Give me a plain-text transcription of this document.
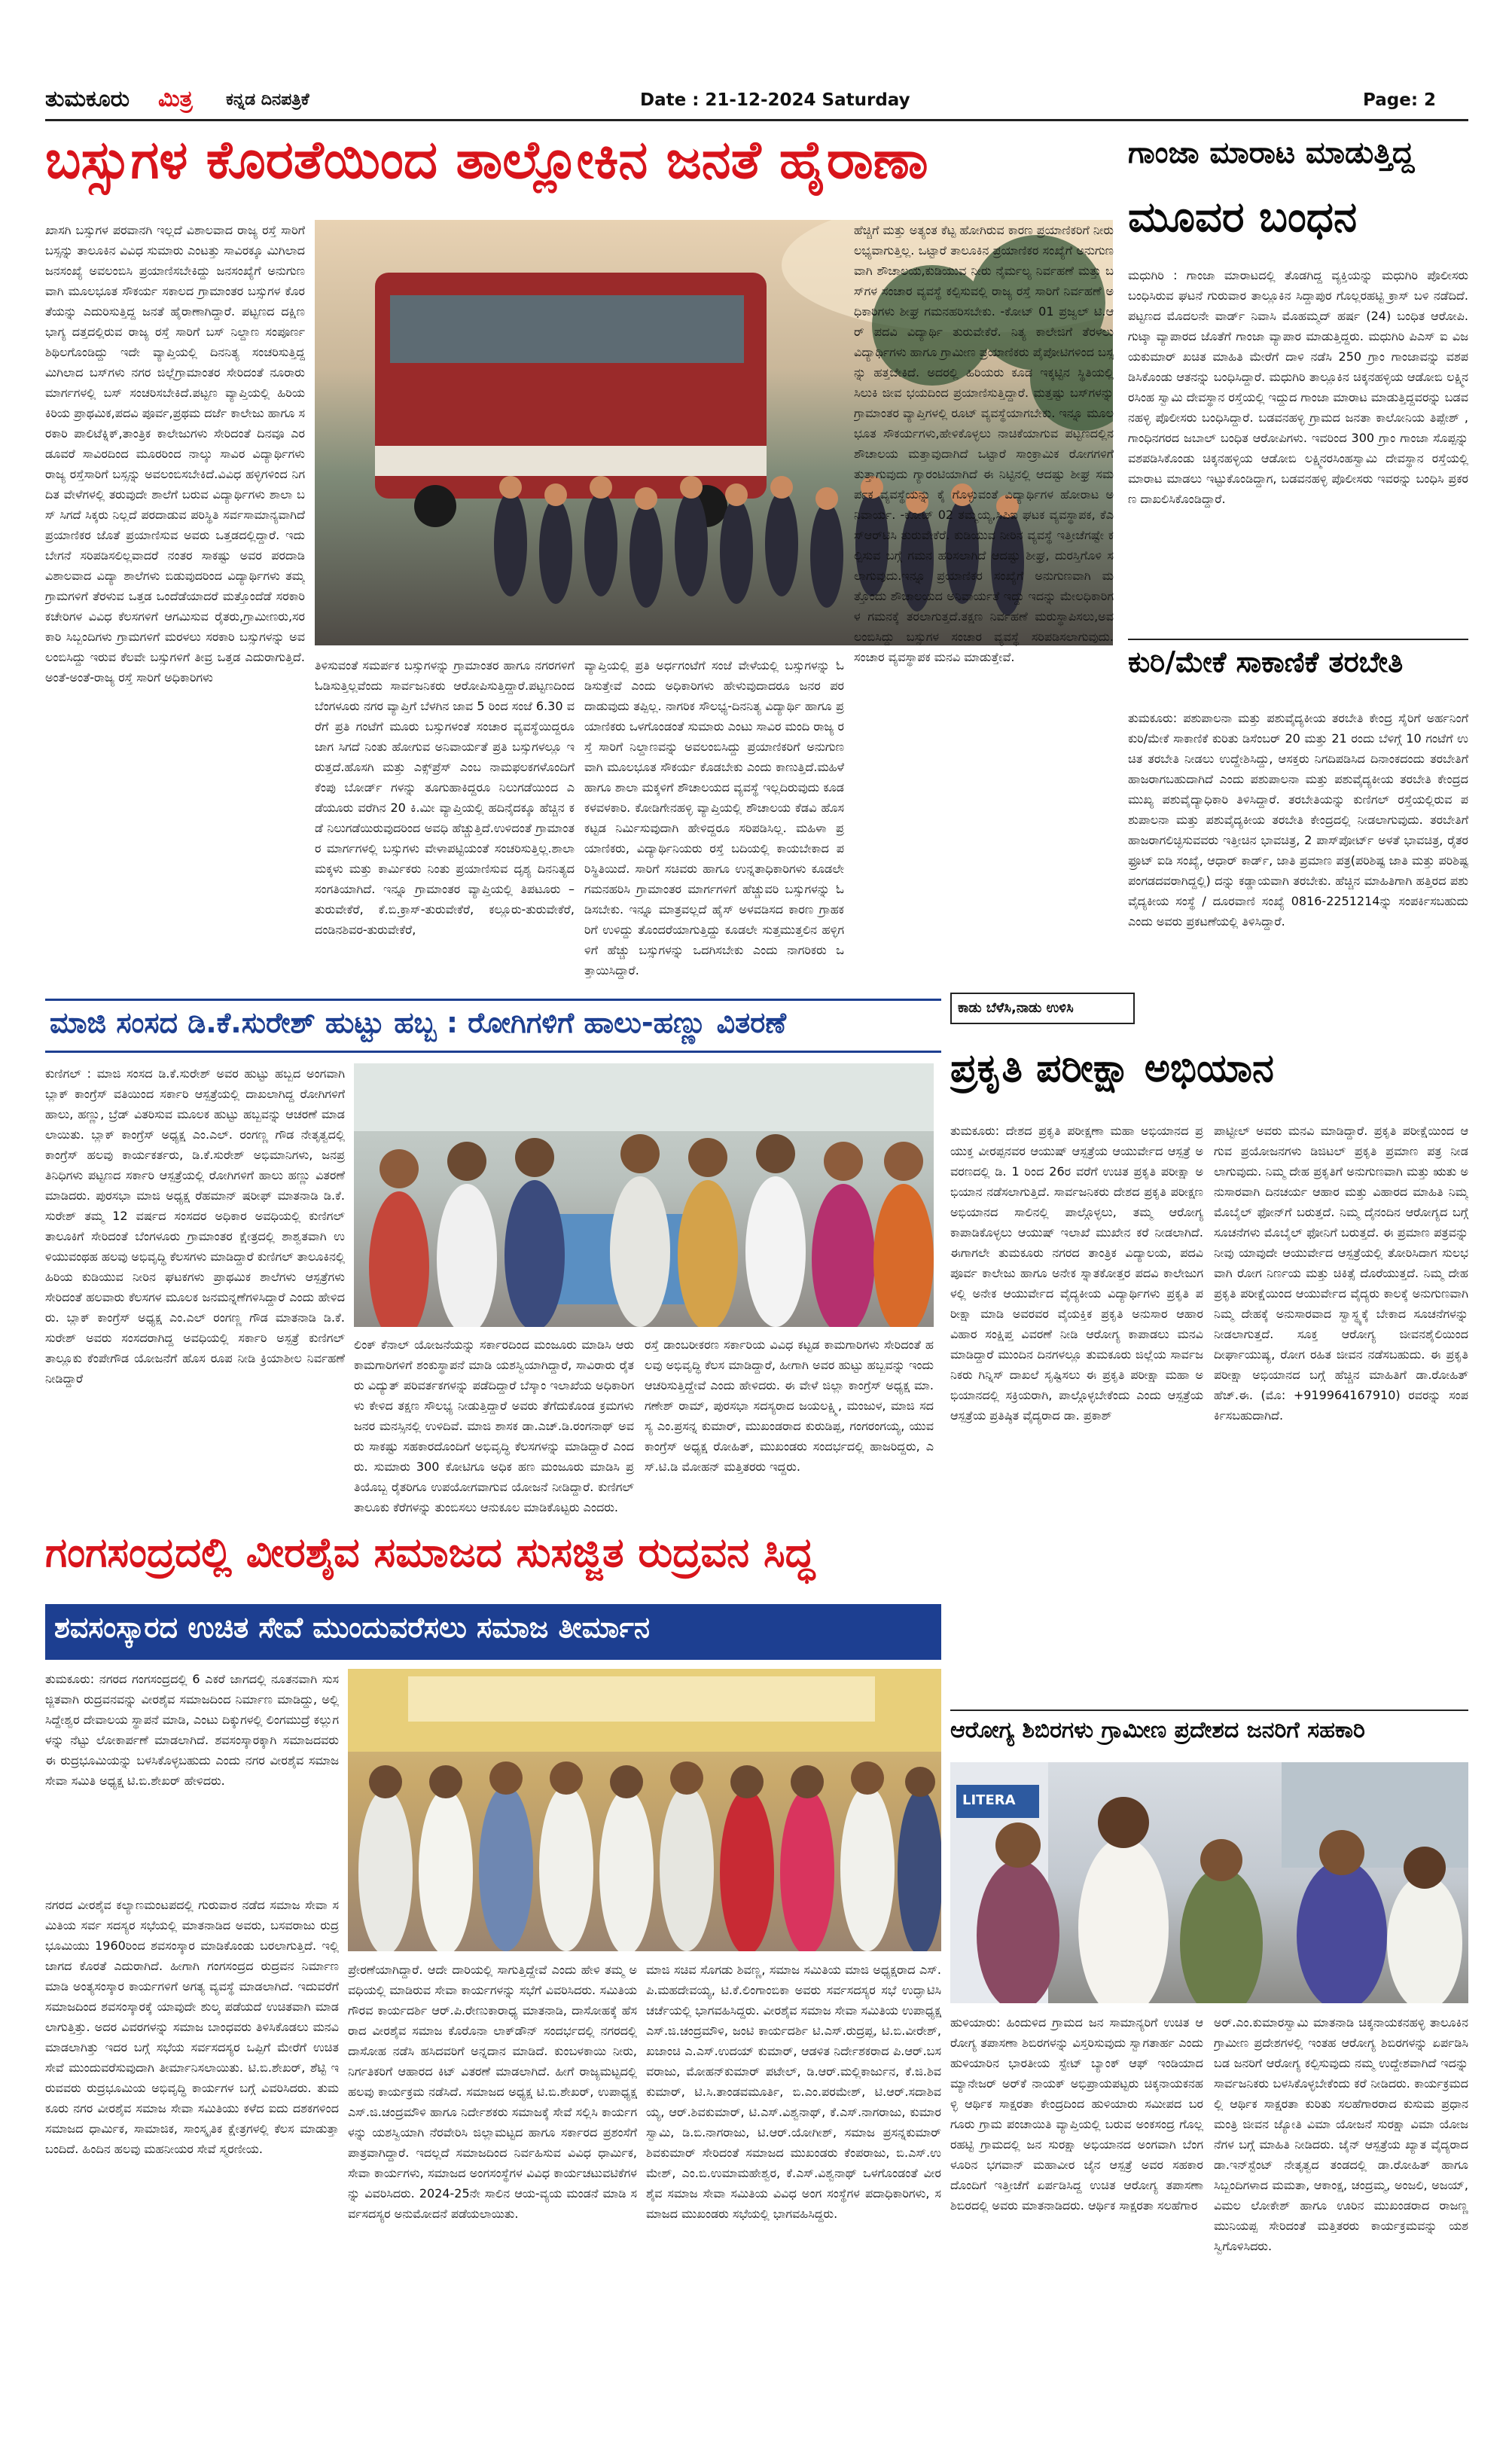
ತುಮಕೂರು ಮಿತ್ರ ಕನ್ನಡ ದಿನಪತ್ರಿಕೆ	Date : 21-12-2024 Saturday	Page: 2
ಬಸ್ಸುಗಳ ಕೊರತೆಯಿಂದ ತಾಲ್ಲೋಕಿನ ಜನತೆ ಹೈರಾಣಾ
ಖಾಸಗಿ ಬಸ್ಸುಗಳ ಪರವಾನಗಿ ಇಲ್ಲದೆ ವಿಶಾಲವಾದ ರಾಜ್ಯ ರಸ್ತೆ ಸಾರಿಗೆ ಬಸ್ಸನ್ನು ತಾಲೂಕಿನ ವಿವಿಧ ಸುಮಾರು ಎಂಟತ್ತು ಸಾವಿರಕ್ಕೂ ಮಿಗಿಲಾದ ಜನಸಂಖ್ಯೆ ಅವಲಂಬಿಸಿ ಪ್ರಯಾಣಿಸಬೇಕಿದ್ದು ಜನಸಂಖ್ಯೆಗೆ ಅನುಗುಣವಾಗಿ ಮೂಲಭೂತ ಸೌಕರ್ಯ ಸಕಾಲದ ಗ್ರಾಮಾಂತರ ಬಸ್ಸುಗಳ ಕೊರತೆಯನ್ನು ಎದುರಿಸುತ್ತಿದ್ದ ಜನತೆ ಹೈರಾಣಾಗಿದ್ದಾರೆ. ಪಟ್ಟಣದ ದಕ್ಷಿಣಭಾಗ್ಯ ದತ್ತದಲ್ಲಿರುವ ರಾಜ್ಯ ರಸ್ತೆ ಸಾರಿಗೆ ಬಸ್ ನಿಲ್ದಾಣ ಸಂಪೂರ್ಣ ಶಿಥಿಲಗೊಂಡಿದ್ದು ಇದೇ ವ್ಯಾಪ್ತಿಯಲ್ಲಿ ದಿನನಿತ್ಯ ಸಂಚರಿಸುತ್ತಿದ್ದ ಮಿಗಿಲಾದ ಬಸ್‌ಗಳು ನಗರ ಜಿಲ್ಲೆಗ್ರಾಮಾಂತರ ಸೇರಿದಂತೆ ನೂರಾರು ಮಾರ್ಗಗಳಲ್ಲಿ ಬಸ್ ಸಂಚರಿಸಬೇಕಿದೆ.ಪಟ್ಟಣ ವ್ಯಾಪ್ತಿಯಲ್ಲಿ ಹಿರಿಯ ಕಿರಿಯ ಪ್ರಾಥಮಿಕ,ಪದವಿ ಪೂರ್ವ,ಪ್ರಥಮ ದರ್ಜೆ ಕಾಲೇಜು ಹಾಗೂ ಸರಕಾರಿ ಪಾಲಿಟೆಕ್ನಿಕ್,ತಾಂತ್ರಿಕ ಕಾಲೇಜುಗಳು ಸೇರಿದಂತೆ ದಿನವೂ ಎರಡೂವರೆ ಸಾವಿರದಿಂದ ಮೂರರಿಂದ ನಾಲ್ಕು ಸಾವಿರ ವಿದ್ಯಾರ್ಥಿಗಳು ರಾಜ್ಯ ರಸ್ತೆಸಾರಿಗೆ ಬಸ್ಸನ್ನು ಅವಲಂಬಿಸಬೇಕಿದೆ.ವಿವಿಧ ಹಳ್ಳಿಗಳಿಂದ ನಿಗದಿತ ವೇಳೆಗಳಲ್ಲಿ ತರುವುದೇ ಶಾಲೆಗೆ ಬರುವ ವಿದ್ಯಾರ್ಥಿಗಳು ಶಾಲಾ ಬಸ್ ಸಿಗದೆ ಸಿಕ್ಕರು ನಿಲ್ಲದೆ ಪರದಾಡುವ ಪರಿಸ್ಥಿತಿ ಸರ್ವಸಾಮಾನ್ಯವಾಗಿದೆ ಪ್ರಯಾಣಿಕರ ಜೊತೆ ಪ್ರಯಾಣಿಸುವ ಅವರು ಒತ್ತಡದಲ್ಲಿದ್ದಾರೆ. ಇದು ಬೇಗನೆ ಸರಿಪಡಿಸಲಿಲ್ಲವಾದರೆ ನಂತರ ಸಾಕಷ್ಟು ಅವರ ಪರದಾಡಿ ವಿಶಾಲವಾದ ವಿದ್ಯಾ ಶಾಲೆಗಳು ಬಿಡುವುದರಿಂದ ವಿದ್ಯಾರ್ಥಿಗಳು ತಮ್ಮ ಗ್ರಾಮಗಳಿಗೆ ತೆರಳುವ ಒತ್ತಡ ಒಂದೆಡೆಯಾದರೆ ಮತ್ತೊಂದೆಡೆ ಸರಕಾರಿ ಕಚೇರಿಗಳ ವಿವಿಧ ಕೆಲಸಗಳಿಗೆ ಆಗಮಿಸುವ ರೈತರು,ಗ್ರಾಮೀಣರು,ಸರಕಾರಿ ಸಿಬ್ಬಂದಿಗಳು ಗ್ರಾಮಗಳಿಗೆ ಮರಳಲು ಸರಕಾರಿ ಬಸ್ಸುಗಳನ್ನು ಅವಲಂಬಿಸಿದ್ದು ಇರುವ ಕೆಲವೇ ಬಸ್ಸುಗಳಿಗೆ ತೀವ್ರ ಒತ್ತಡ ಎದುರಾಗುತ್ತಿದೆ. ಅಂತೆ-ಅಂತೆ-ರಾಜ್ಯ ರಸ್ತೆ ಸಾರಿಗೆ ಅಧಿಕಾರಿಗಳು
ತಿಳಿಸುವಂತೆ ಸಮರ್ಪಕ ಬಸ್ಸುಗಳನ್ನು ಗ್ರಾಮಾಂತರ ಹಾಗೂ ನಗರಗಳಿಗೆ ಓಡಿಸುತ್ತಿಲ್ಲವೆಂದು ಸಾರ್ವಜನಿಕರು ಆರೋಪಿಸುತ್ತಿದ್ದಾರೆ.ಪಟ್ಟಣದಿಂದ ಬೆಂಗಳೂರು ನಗರ ವ್ಯಾಪ್ತಿಗೆ ಬೆಳಗಿನ ಜಾವ 5 ರಿಂದ ಸಂಜೆ 6.30 ವರೆಗೆ ಪ್ರತಿ ಗಂಟೆಗೆ ಮೂರು ಬಸ್ಸುಗಳಂತೆ ಸಂಚಾರ ವ್ಯವಸ್ಥೆಯಿದ್ದರೂ ಜಾಗ ಸಿಗದೆ ನಿಂತು ಹೋಗುವ ಅನಿವಾರ್ಯತೆ ಪ್ರತಿ ಬಸ್ಸುಗಳಲ್ಲೂ ಇರುತ್ತದೆ.ಹೊಸಗಿ ಮತ್ತು ಎಕ್ಸ್‌ಪ್ರೆಸ್ ಎಂಬ ನಾಮಫಲಕಗಳೊಂದಿಗೆ ಕೆಂಪು ಬೋರ್ಡ್ ಗಳನ್ನು ತೂಗುಹಾಕಿದ್ದರೂ ನಿಲುಗಡೆಯಿಂದ ಎಡೆಯೂರು ವರೆಗಿನ 20 ಕಿ.ಮೀ ವ್ಯಾಪ್ತಿಯಲ್ಲಿ ಹದಿನೈದಕ್ಕೂ ಹೆಚ್ಚಿನ ಕಡೆ ನಿಲುಗಡೆಯಿರುವುದರಿಂದ ಅವಧಿ ಹೆಚ್ಚುತ್ತಿದೆ.ಉಳಿದಂತೆ ಗ್ರಾಮಾಂತರ ಮಾರ್ಗಗಳಲ್ಲಿ ಬಸ್ಸುಗಳು ವೇಳಾಪಟ್ಟಿಯಂತೆ ಸಂಚರಿಸುತ್ತಿಲ್ಲ.ಶಾಲಾ ಮಕ್ಕಳು ಮತ್ತು ಕಾರ್ಮಿಕರು ನಿಂತು ಪ್ರಯಾಣಿಸುವ ದೃಶ್ಯ ದಿನನಿತ್ಯದ ಸಂಗತಿಯಾಗಿದೆ. ಇನ್ನೂ ಗ್ರಾಮಾಂತರ ವ್ಯಾಪ್ತಿಯಲ್ಲಿ ತಿಪಟೂರು – ತುರುವೇಕೆರೆ, ಕೆ.ಬಿ.ಕ್ರಾಸ್-ತುರುವೇಕೆರೆ, ಕಲ್ಲೂರು-ತುರುವೇಕೆರೆ, ದಂಡಿನಶಿವರ-ತುರುವೇಕೆರೆ,
ವ್ಯಾಪ್ತಿಯಲ್ಲಿ ಪ್ರತಿ ಅರ್ಧಗಂಟೆಗೆ ಸಂಜೆ ವೇಳೆಯಲ್ಲಿ ಬಸ್ಸುಗಳನ್ನು ಓಡಿಸುತ್ತೇವೆ ಎಂದು ಅಧಿಕಾರಿಗಳು ಹೇಳುವುದಾದರೂ ಜನರ ಪರದಾಡುವುದು ತಪ್ಪಿಲ್ಲ. ನಾಗರಿಕ ಸೌಲಭ್ಯ-ದಿನನಿತ್ಯ ವಿದ್ಯಾರ್ಥಿ ಹಾಗೂ ಪ್ರಯಾಣಿಕರು ಒಳಗೊಂಡಂತೆ ಸುಮಾರು ಎಂಟು ಸಾವಿರ ಮಂದಿ ರಾಜ್ಯ ರಸ್ತೆ ಸಾರಿಗೆ ನಿಲ್ದಾಣವನ್ನು ಅವಲಂಬಿಸಿದ್ದು ಪ್ರಯಾಣಿಕರಿಗೆ ಅನುಗುಣವಾಗಿ ಮೂಲಭೂತ ಸೌಕರ್ಯ ಕೊಡಬೇಕು ಎಂದು ಕಾಣುತ್ತಿದೆ.ಮಹಿಳೆ ಹಾಗೂ ಶಾಲಾ ಮಕ್ಕಳಿಗೆ ಶೌಚಾಲಯದ ವ್ಯವಸ್ಥೆ ಇಲ್ಲದಿರುವುದು ಕೂಡ ಕಳವಳಕಾರಿ. ಕೋಡಿಗೇನಹಳ್ಳಿ ವ್ಯಾಪ್ತಿಯಲ್ಲಿ ಶೌಚಾಲಯ ಕೆಡವಿ ಹೊಸ ಕಟ್ಟಡ ನಿರ್ಮಿಸುವುದಾಗಿ ಹೇಳಿದ್ದರೂ ಸರಿಪಡಿಸಿಲ್ಲ. ಮಹಿಳಾ ಪ್ರಯಾಣಿಕರು, ವಿದ್ಯಾರ್ಥಿನಿಯರು ರಸ್ತೆ ಬದಿಯಲ್ಲಿ ಕಾಯಬೇಕಾದ ಪರಿಸ್ಥಿತಿಯಿದೆ. ಸಾರಿಗೆ ಸಚಿವರು ಹಾಗೂ ಉನ್ನತಾಧಿಕಾರಿಗಳು ಕೂಡಲೇ ಗಮನಹರಿಸಿ ಗ್ರಾಮಾಂತರ ಮಾರ್ಗಗಳಿಗೆ ಹೆಚ್ಚುವರಿ ಬಸ್ಸುಗಳನ್ನು ಓಡಿಸಬೇಕು. ಇನ್ನೂ ಮಾತ್ರವಲ್ಲದೆ ಹೈಸ್ ಅಳವಡಿಸದ ಕಾರಣ ಗ್ರಾಹಕರಿಗೆ ಉಳಿದ್ದು ತೊಂದರೆಯಾಗುತ್ತಿದ್ದು ಕೂಡಲೇ ಸುತ್ತಮುತ್ತಲಿನ ಹಳ್ಳಿಗಳಿಗೆ ಹೆಚ್ಚು ಬಸ್ಸುಗಳನ್ನು ಒದಗಿಸಬೇಕು ಎಂದು ನಾಗರಿಕರು ಒತ್ತಾಯಿಸಿದ್ದಾರೆ.
ಹೆಚ್ಚಿಗೆ ಮತ್ತು ಅತ್ಯಂತ ಕೆಟ್ಟ ಹೋಗಿರುವ ಕಾರಣ ಪ್ರಯಾಣಿಕರಿಗೆ ನೀರು ಲಭ್ಯವಾಗುತ್ತಿಲ್ಲ. ಒಟ್ಟಾರೆ ತಾಲೂಕಿನ ಪ್ರಯಾಣಿಕರ ಸಂಖ್ಯೆಗೆ ಅನುಗುಣವಾಗಿ ಶೌಚಾಲಯ,ಕುಡಿಯುವ ನೀರು ನೈರ್ಮಲ್ಯ ನಿರ್ವಹಣೆ ಮತ್ತು ಬಸ್‌ಗಳ ಸಂಚಾರ ವ್ಯವಸ್ಥೆ ಕಲ್ಪಿಸುವಲ್ಲಿ ರಾಜ್ಯ ರಸ್ತೆ ಸಾರಿಗೆ ನಿರ್ವಹಣೆ ಅಧಿಕಾರಿಗಳು ಶೀಘ್ರ ಗಮನಹರಿಸಬೇಕು. -ಕೋಟ್ 01 ಪ್ರಜ್ವಲ್ ಟಿ.ಆರ್ ಪದವಿ ವಿದ್ಯಾರ್ಥಿ ತುರುವೇಕೆರೆ. ನಿತ್ಯ ಕಾಲೇಜಿಗೆ ತೆರಳಲು ವಿದ್ಯಾರ್ಥಿಗಳು ಹಾಗೂ ಗ್ರಾಮೀಣ ಪ್ರಯಾಣಿಕರು ಪೈಪೋಟಿಗಳಿಂದ ಬಸ್ಸನ್ನು ಹತ್ತಬೇಕಿದೆ. ಅದರಲ್ಲಿ ಹಿರಿಯರು ಕೂಡ ಇಕ್ಕಟ್ಟಿನ ಸ್ಥಿತಿಯಲ್ಲಿ ಸಿಲುಕಿ ಜೀವ ಭಯದಿಂದ ಪ್ರಯಾಣಿಸುತ್ತಿದ್ದಾರೆ. ಮತ್ತಷ್ಟು ಬಸ್‌ಗಳನ್ನು ಗ್ರಾಮಾಂತರ ವ್ಯಾಪ್ತಿಗಳಲ್ಲಿ ರೂಟ್ ವ್ಯವಸ್ಥೆಯಾಗಬೇಕು. ಇನ್ನೂ ಮೂಲಭೂತ ಸೌಕರ್ಯಗಳು,ಹೇಳಿಕೊಳ್ಳಲು ನಾಚಿಕೆಯಾಗುವ ಪಟ್ಟಣದಲ್ಲಿನ ಶೌಚಾಲಯ ಮತ್ತಾವುದಾಗಿದೆ ಒಟ್ಟಾರೆ ಸಾಂಕ್ರಾಮಿಕ ರೋಗಗಳಿಗೆ ತುತ್ತಾಗುವುದು ಗ್ಯಾರಂಟಿಯಾಗಿದೆ ಈ ನಿಟ್ಟಿನಲ್ಲಿ ಆದಷ್ಟು ಶೀಘ್ರ ಸಮರ್ಪಕ ವ್ಯವಸ್ಥೆಯನ್ನು ಕೈ ಗೊಳ್ಳುವಂತೆ ವಿದ್ಯಾರ್ಥಿಗಳ ಹೋರಾಟ ಅನಿವಾರ್ಯ. -ಕೋಟ್ 02 ತಮ್ಮಯ್ಯ,ಸಿಪಿಐ ಘಟಕ ವ್ಯವಸ್ಥಾಪಕ, ಕೆಎಸ್ಆರ್‌ಟಿಸಿ ತುರುವೇಕೆರೆ. ಕುಡಿಯುವ ನೀರಿನ ವ್ಯವಸ್ಥೆ ಇತ್ತೀಚೆಗಷ್ಟೇ ಕಲ್ಪಿಸುವ ಬಗ್ಗೆ ಗಮನ ಹರಿಸಲಾಗಿದೆ ಆದಷ್ಟು ಶೀಘ್ರ, ದುರಸ್ತಿಗೊಳಿ ಸಲಾಗುವುದು.ಇನ್ನೂ ಪ್ರಯಾಣಿಕರ ಸಂಖ್ಯೆಗೆ ಅನುಗುಣವಾಗಿ ಮತ್ತೊಂದು ಶೌಚಾಲಯದ ಅನಿವಾರ್ಯತೆ ಇದ್ದು ಇದನ್ನು ಮೇಲಧಿಕಾರಿಗಳ ಗಮನಕ್ಕೆ ತರಲಾಗುತ್ತದೆ.ತಕ್ಷಣ ನಿರ್ವಹಣೆ ಮರುಸ್ಥಾಪಿಸಲು,ಅವಲಂಬಿಸಿದ್ದು ಬಸ್ಸುಗಳ ಸಂಚಾರ ವ್ಯವಸ್ಥೆ ಸರಿಪಡಿಸಲಾಗುವುದು. ಸಂಚಾರ ವ್ಯವಸ್ಥಾಪಕ ಮನವಿ ಮಾಡುತ್ತೇವೆ.
ಗಾಂಜಾ ಮಾರಾಟ ಮಾಡುತ್ತಿದ್ದ
ಮೂವರ ಬಂಧನ
ಮಧುಗಿರಿ : ಗಾಂಜಾ ಮಾರಾಟದಲ್ಲಿ ತೊಡಗಿದ್ದ ವ್ಯಕ್ತಿಯನ್ನು ಮಧುಗಿರಿ ಪೊಲೀಸರು ಬಂಧಿಸಿರುವ ಘಟನೆ ಗುರುವಾರ ತಾಲ್ಲೂಕಿನ ಸಿದ್ದಾಪುರ ಗೊಲ್ಲರಹಟ್ಟಿ ಕ್ರಾಸ್ ಬಳಿ ನಡೆದಿದೆ. ಪಟ್ಟಣದ ಮೊದಲನೇ ವಾರ್ಡ್ ನಿವಾಸಿ ಮೊಹಮ್ಮದ್ ಹರ್ಷ (24) ಬಂಧಿತ ಆರೋಪಿ. ಗುಟ್ಕಾ ವ್ಯಾಪಾರದ ಜೊತೆಗೆ ಗಾಂಜಾ ವ್ಯಾಪಾರ ಮಾಡುತ್ತಿದ್ದರು. ಮಧುಗಿರಿ ಪಿಎಸ್ ಐ ವಿಜಯಕುಮಾರ್ ಖಚಿತ ಮಾಹಿತಿ ಮೇರೆಗೆ ದಾಳಿ ನಡೆಸಿ 250 ಗ್ರಾಂ ಗಾಂಜಾವನ್ನು ವಶಪಡಿಸಿಕೊಂಡು ಆತನನ್ನು ಬಂಧಿಸಿದ್ದಾರೆ. ಮಧುಗಿರಿ ತಾಲ್ಲೂಕಿನ ಚಿಕ್ಕನಹಳ್ಳಿಯ ಆಡೋಬಿ ಲಕ್ಷ್ಮಿನರಸಿಂಹ ಸ್ವಾಮಿ ದೇವಸ್ಥಾನ ರಸ್ತೆಯಲ್ಲಿ ಇದ್ದುದ ಗಾಂಜಾ ಮಾರಾಟ ಮಾಡುತ್ತಿದ್ದವರನ್ನು ಬಡವನಹಳ್ಳಿ ಪೊಲೀಸರು ಬಂಧಿಸಿದ್ದಾರೆ. ಬಡವನಹಳ್ಳಿ ಗ್ರಾಮದ ಜನತಾ ಕಾಲೋನಿಯ ತಿಪ್ಪೇಶ್ , ಗಾಂಧಿನಗರದ ಜಬಾಲ್ ಬಂಧಿತ ಆರೋಪಿಗಳು. ಇವರಿಂದ 300 ಗ್ರಾಂ ಗಾಂಜಾ ಸೊಪ್ಪನ್ನು ವಶಪಡಿಸಿಕೊಂಡು ಚಿಕ್ಕನಹಳ್ಳಿಯ ಆಡೋಬಿ ಲಕ್ಷ್ಮಿನರಸಿಂಹಸ್ವಾಮಿ ದೇವಸ್ಥಾನ ರಸ್ತೆಯಲ್ಲಿ ಮಾರಾಟ ಮಾಡಲು ಇಟ್ಟುಕೊಂಡಿದ್ದಾಗ, ಬಡವನಹಳ್ಳಿ ಪೊಲೀಸರು ಇವರನ್ನು ಬಂಧಿಸಿ ಪ್ರಕರಣ ದಾಖಲಿಸಿಕೊಂಡಿದ್ದಾರೆ.
ಕುರಿ/ಮೇಕೆ ಸಾಕಾಣಿಕೆ ತರಬೇತಿ
ತುಮಕೂರು: ಪಶುಪಾಲನಾ ಮತ್ತು ಪಶುವೈದ್ಯಕೀಯ ತರಬೇತಿ ಕೇಂದ್ರ ಸೈರಿಗೆ ಅರ್ಹನಿಂಗೆ ಕುರಿ/ಮೇಕೆ ಸಾಕಾಣಿಕೆ ಕುರಿತು ಡಿಸೆಂಬರ್ 20 ಮತ್ತು 21 ರಂದು ಬೆಳಿಗ್ಗೆ 10 ಗಂಟೆಗೆ ಉಚಿತ ತರಬೇತಿ ನೀಡಲು ಉದ್ದೇಶಿಸಿದ್ದು, ಆಸಕ್ತರು ನಿಗದಿಪಡಿಸಿದ ದಿನಾಂಕದಂದು ತರಬೇತಿಗೆ ಹಾಜರಾಗಬಹುದಾಗಿದೆ ಎಂದು ಪಶುಪಾಲನಾ ಮತ್ತು ಪಶುವೈದ್ಯಕೀಯ ತರಬೇತಿ ಕೇಂದ್ರದ ಮುಖ್ಯ ಪಶುವೈದ್ಯಾಧಿಕಾರಿ ತಿಳಿಸಿದ್ದಾರೆ. ತರಬೇತಿಯನ್ನು ಕುಣಿಗಲ್ ರಸ್ತೆಯಲ್ಲಿರುವ ಪಶುಪಾಲನಾ ಮತ್ತು ಪಶುವೈದ್ಯಕೀಯ ತರಬೇತಿ ಕೇಂದ್ರದಲ್ಲಿ ನೀಡಲಾಗುವುದು. ತರಬೇತಿಗೆ ಹಾಜರಾಗಲಿಚ್ಛಿಸುವವರು ಇತ್ತೀಚಿನ ಭಾವಚಿತ್ರ, 2 ಪಾಸ್‌ಪೋರ್ಟ್ ಅಳತೆ ಭಾವಚಿತ್ರ, ರೈತರ ಫ್ರೂಟ್ ಐಡಿ ಸಂಖ್ಯೆ, ಆಧಾರ್ ಕಾರ್ಡ್, ಜಾತಿ ಪ್ರಮಾಣ ಪತ್ರ(ಪರಿಶಿಷ್ಟ ಜಾತಿ ಮತ್ತು ಪರಿಶಿಷ್ಟ ಪಂಗಡದವರಾಗಿದ್ದಲ್ಲಿ) ದನ್ನು ಕಡ್ಡಾಯವಾಗಿ ತರಬೇಕು. ಹೆಚ್ಚಿನ ಮಾಹಿತಿಗಾಗಿ ಹತ್ತಿರದ ಪಶು ವೈದ್ಯಕೀಯ ಸಂಸ್ಥೆ / ದೂರವಾಣಿ ಸಂಖ್ಯೆ 0816-2251214ನ್ನು ಸಂಪರ್ಕಿಸಬಹುದು ಎಂದು ಅವರು ಪ್ರಕಟಣೆಯಲ್ಲಿ ತಿಳಿಸಿದ್ದಾರೆ.
ಕಾಡು ಬೆಳೆಸಿ,ನಾಡು ಉಳಿಸಿ
ಮಾಜಿ ಸಂಸದ ಡಿ.ಕೆ.ಸುರೇಶ್ ಹುಟ್ಟು ಹಬ್ಬ : ರೋಗಿಗಳಿಗೆ ಹಾಲು-ಹಣ್ಣು ವಿತರಣೆ
ಕುಣಿಗಲ್ : ಮಾಜಿ ಸಂಸದ ಡಿ.ಕೆ.ಸುರೇಶ್ ಅವರ ಹುಟ್ಟು ಹಬ್ಬದ ಅಂಗವಾಗಿ ಬ್ಲಾಕ್ ಕಾಂಗ್ರೆಸ್ ವತಿಯಿಂದ ಸರ್ಕಾರಿ ಆಸ್ಪತ್ರೆಯಲ್ಲಿ ದಾಖಲಾಗಿದ್ದ ರೋಗಿಗಳಿಗೆ ಹಾಲು, ಹಣ್ಣು, ಬ್ರೆಡ್ ವಿತರಿಸುವ ಮೂಲಕ ಹುಟ್ಟು ಹಬ್ಬವನ್ನು ಆಚರಣೆ ಮಾಡಲಾಯಿತು. ಬ್ಲಾಕ್ ಕಾಂಗ್ರೆಸ್ ಅಧ್ಯಕ್ಷ ಎಂ.ಎಲ್. ರಂಗಣ್ಣ ಗೌಡ ನೇತೃತ್ವದಲ್ಲಿ ಕಾಂಗ್ರೆಸ್ ಹಲವು ಕಾರ್ಯಕರ್ತರು, ಡಿ.ಕೆ.ಸುರೇಶ್ ಅಭಿಮಾನಿಗಳು, ಜನಪ್ರತಿನಿಧಿಗಳು ಪಟ್ಟಣದ ಸರ್ಕಾರಿ ಆಸ್ಪತ್ರೆಯಲ್ಲಿ ರೋಗಿಗಳಿಗೆ ಹಾಲು ಹಣ್ಣು ವಿತರಣೆ ಮಾಡಿದರು. ಪುರಸಭಾ ಮಾಜಿ ಅಧ್ಯಕ್ಷ ರೆಹಮಾನ್ ಷರೀಫ್ ಮಾತನಾಡಿ ಡಿ.ಕೆ.ಸುರೇಶ್ ತಮ್ಮ 12 ವರ್ಷದ ಸಂಸದರ ಅಧಿಕಾರ ಅವಧಿಯಲ್ಲಿ ಕುಣಿಗಲ್ ತಾಲೂಕಿಗೆ ಸೇರಿದಂತೆ ಬೆಂಗಳೂರು ಗ್ರಾಮಾಂತರ ಕ್ಷೇತ್ರದಲ್ಲಿ ಶಾಶ್ವತವಾಗಿ ಉಳಿಯುವಂಥಹ ಹಲವು ಅಭಿವೃದ್ಧಿ ಕೆಲಸಗಳು ಮಾಡಿದ್ದಾರೆ ಕುಣಿಗಲ್ ತಾಲೂಕಿನಲ್ಲಿ ಹಿರಿಯ ಕುಡಿಯುವ ನೀರಿನ ಘಟಕಗಳು ಪ್ರಾಥಮಿಕ ಶಾಲೆಗಳು ಆಸ್ಪತ್ರೆಗಳು ಸೇರಿದಂತೆ ಹಲವಾರು ಕೆಲಸಗಳ ಮೂಲಕ ಜನಮನ್ನಣೆಗಳಿಸಿದ್ದಾರೆ ಎಂದು ಹೇಳಿದರು. ಬ್ಲಾಕ್ ಕಾಂಗ್ರೆಸ್ ಅಧ್ಯಕ್ಷ ಎಂ.ಎಲ್ ರಂಗಣ್ಣ ಗೌಡ ಮಾತನಾಡಿ ಡಿ.ಕೆ.ಸುರೇಶ್ ಅವರು ಸಂಸದರಾಗಿದ್ದ ಅವಧಿಯಲ್ಲಿ ಸರ್ಕಾರಿ ಅಸ್ಪತ್ರೆ ಕುಣಿಗಲ್ ತಾಲ್ಲೂಕು ಕೆಂಪೇಗೌಡ ಯೋಜನೆಗೆ ಹೊಸ ರೂಪ ನೀಡಿ ಕ್ರಿಯಾಶೀಲ ನಿರ್ವಹಣೆ ನೀಡಿದ್ದಾರೆ
ಲಿಂಕ್ ಕೆನಾಲ್ ಯೋಜನೆಯನ್ನು ಸರ್ಕಾರದಿಂದ ಮಂಜೂರು ಮಾಡಿಸಿ ಆರು ಕಾಮಗಾರಿಗಳಿಗೆ ಶಂಕುಸ್ಥಾಪನೆ ಮಾಡಿ ಯಶಸ್ವಿಯಾಗಿದ್ದಾರೆ, ಸಾವಿರಾರು ರೈತರು ವಿದ್ಯುತ್ ಪರಿವರ್ತಕಗಳನ್ನು ಪಡೆದಿದ್ದಾರೆ ಬೆಸ್ಕಾಂ ಇಲಾಖೆಯ ಅಧಿಕಾರಿಗಳು ಕೇಳಿದ ತಕ್ಷಣ ಸೌಲಭ್ಯ ನೀಡುತ್ತಿದ್ದಾರೆ ಅವರು ತೆಗೆದುಕೊಂಡ ಕ್ರಮಗಳು ಜನರ ಮನಸ್ಸಿನಲ್ಲಿ ಉಳಿದಿವೆ. ಮಾಜಿ ಶಾಸಕ ಡಾ.ಎಚ್.ಡಿ.ರಂಗನಾಥ್ ಅವರು ಸಾಕಷ್ಟು ಸಹಕಾರದೊಂದಿಗೆ ಅಭಿವೃದ್ಧಿ ಕೆಲಸಗಳನ್ನು ಮಾಡಿದ್ದಾರೆ ಎಂದರು. ಸುಮಾರು 300 ಕೋಟಿಗೂ ಅಧಿಕ ಹಣ ಮಂಜೂರು ಮಾಡಿಸಿ ಪ್ರತಿಯೊಬ್ಬ ರೈತರಿಗೂ ಉಪಯೋಗವಾಗುವ ಯೋಜನೆ ನೀಡಿದ್ದಾರೆ. ಕುಣಿಗಲ್ ತಾಲೂಕು ಕೆರೆಗಳನ್ನು ತುಂಬಿಸಲು ಆನುಕೂಲ ಮಾಡಿಕೊಟ್ಟರು ಎಂದರು.
ರಸ್ತೆ ಡಾಂಬರೀಕರಣ ಸರ್ಕಾರಿಯ ವಿವಿಧ ಕಟ್ಟಡ ಕಾಮಗಾರಿಗಳು ಸೇರಿದಂತೆ ಹಲವು ಅಭಿವೃದ್ಧಿ ಕೆಲಸ ಮಾಡಿದ್ದಾರೆ, ಹೀಗಾಗಿ ಅವರ ಹುಟ್ಟು ಹಬ್ಬವನ್ನು ಇಂದು ಆಚರಿಸುತ್ತಿದ್ದೇವೆ ಎಂದು ಹೇಳಿದರು. ಈ ವೇಳೆ ಜಿಲ್ಲಾ ಕಾಂಗ್ರೆಸ್ ಅಧ್ಯಕ್ಷ ಮಾ.ಗಣೇಶ್ ರಾಮ್, ಪುರಸಭಾ ಸದಸ್ಯರಾದ ಜಯಲಕ್ಷ್ಮಿ, ಮಂಜುಳ, ಮಾಜಿ ಸದಸ್ಯ ಎಂ.ಪ್ರಸನ್ನ ಕುಮಾರ್, ಮುಖಂಡರಾದ ಕುರುಡಿಪ್ಪ, ಗಂಗರಂಗಯ್ಯ, ಯುವ ಕಾಂಗ್ರೆಸ್ ಅಧ್ಯಕ್ಷ ರೋಹಿತ್, ಮುಖಂಡರು ಸಂದರ್ಭದಲ್ಲಿ ಹಾಜರಿದ್ದರು, ಎಸ್.ಟಿ.ಡಿ ಮೋಹನ್ ಮತ್ತಿತರರು ಇದ್ದರು.
ಪ್ರಕೃತಿ ಪರೀಕ್ಷಾ ಅಭಿಯಾನ
ತುಮಕೂರು: ದೇಶದ ಪ್ರಕೃತಿ ಪರೀಕ್ಷಣಾ ಮಹಾ ಅಭಿಯಾನದ ಪ್ರಯುಕ್ತ ವೀರಪ್ಪನವರ ಆಯುಷ್ ಆಸ್ಪತ್ರೆಯ ಆಯುರ್ವೇದ ಆಸ್ಪತ್ರೆ ಅವರಣದಲ್ಲಿ ಡಿ. 1 ರಿಂದ 26ರ ವರೆಗೆ ಉಚಿತ ಪ್ರಕೃತಿ ಪರೀಕ್ಷಾ ಅಭಿಯಾನ ನಡೆಸಲಾಗುತ್ತಿದೆ. ಸಾರ್ವಜನಿಕರು ದೇಶದ ಪ್ರಕೃತಿ ಪರೀಕ್ಷಣ ಅಭಿಯಾನದ ಸಾಲಿನಲ್ಲಿ ಪಾಲ್ಗೊಳ್ಳಲು, ತಮ್ಮ ಆರೋಗ್ಯ ಕಾಪಾಡಿಕೊಳ್ಳಲು ಆಯುಷ್ ಇಲಾಖೆ ಮುಖೇನ ಕರೆ ನೀಡಲಾಗಿದೆ. ಈಗಾಗಲೇ ತುಮಕೂರು ನಗರದ ತಾಂತ್ರಿಕ ವಿದ್ಯಾಲಯ, ಪದವಿ ಪೂರ್ವ ಕಾಲೇಜು ಹಾಗೂ ಅನೇಕ ಸ್ನಾತಕೋತ್ತರ ಪದವಿ ಕಾಲೇಜುಗಳಲ್ಲಿ ಅನೇಕ ಆಯುರ್ವೇದ ವೈದ್ಯಕೀಯ ವಿದ್ಯಾರ್ಥಿಗಳು ಪ್ರಕೃತಿ ಪರೀಕ್ಷಾ ಮಾಡಿ ಅವರವರ ವೈಯಕ್ತಿಕ ಪ್ರಕೃತಿ ಅನುಸಾರ ಆಹಾರ ವಿಹಾರ ಸಂಕ್ಷಿಪ್ತ ವಿವರಣೆ ನೀಡಿ ಆರೋಗ್ಯ ಕಾಪಾಡಲು ಮನವಿ ಮಾಡಿದ್ದಾರೆ ಮುಂದಿನ ದಿನಗಳಲ್ಲೂ ತುಮಕೂರು ಜಿಲ್ಲೆಯ ಸಾರ್ವಜನಿಕರು ಗಿನ್ನಿಸ್ ದಾಖಲೆ ಸೃಷ್ಟಿಸಲು ಈ ಪ್ರಕೃತಿ ಪರೀಕ್ಷಾ ಮಹಾ ಅಭಿಯಾನದಲ್ಲಿ ಸಕ್ರಿಯರಾಗಿ, ಪಾಲ್ಗೊಳ್ಳಬೇಕೆಂದು ಎಂದು ಆಸ್ಪತ್ರೆಯ ಆಸ್ಪತ್ರೆಯ ಪ್ರತಿಷ್ಠಿತ ವೈದ್ಯರಾದ ಡಾ. ಪ್ರಕಾಶ್
ಪಾಟ್ಟೀಲ್ ಅವರು ಮನವಿ ಮಾಡಿದ್ದಾರೆ. ಪ್ರಕೃತಿ ಪರೀಕ್ಷೆಯಿಂದ ಆಗುವ ಪ್ರಯೋಜನಗಳು ಡಿಜಿಟಲ್ ಪ್ರಕೃತಿ ಪ್ರಮಾಣ ಪತ್ರ ನೀಡಲಾಗುವುದು. ನಿಮ್ಮ ದೇಹ ಪ್ರಕೃತಿಗೆ ಅನುಗುಣವಾಗಿ ಮತ್ತು ಋತು ಅನುಸಾರವಾಗಿ ದಿನಚರ್ಯ ಆಹಾರ ಮತ್ತು ವಿಹಾರದ ಮಾಹಿತಿ ನಿಮ್ಮ ಮೊಬೈಲ್ ಫೋನ್‌ಗೆ ಬರುತ್ತದೆ. ನಿಮ್ಮ ದೈನಂದಿನ ಆರೋಗ್ಯದ ಬಗ್ಗೆ ಸೂಚನೆಗಳು ಮೊಬೈಲ್ ಫೋನಿಗೆ ಬರುತ್ತದೆ. ಈ ಪ್ರಮಾಣ ಪತ್ರವನ್ನು ನೀವು ಯಾವುದೇ ಆಯುರ್ವೇದ ಆಸ್ಪತ್ರೆಯಲ್ಲಿ ತೋರಿಸಿದಾಗ ಸುಲಭವಾಗಿ ರೋಗ ನಿರ್ಣಯ ಮತ್ತು ಚಿಕಿತ್ಸೆ ದೊರೆಯುತ್ತದೆ. ನಿಮ್ಮ ದೇಹ ಪ್ರಕೃತಿ ಪರೀಕ್ಷೆಯಿಂದ ಆಯುರ್ವೇದ ವೈದ್ಯರು ಕಾಲಕ್ಕೆ ಅನುಗುಣವಾಗಿ ನಿಮ್ಮ ದೇಹಕ್ಕೆ ಅನುಸಾರವಾದ ಸ್ವಾಸ್ಥ್ಯಕ್ಕೆ ಬೇಕಾದ ಸೂಚನೆಗಳನ್ನು ನೀಡಲಾಗುತ್ತದೆ. ಸೂಕ್ತ ಆರೋಗ್ಯ ಜೀವನಶೈಲಿಯಿಂದ ದೀರ್ಘಾಯುಷ್ಯ, ರೋಗ ರಹಿತ ಜೀವನ ನಡೆಸಬಹುದು. ಈ ಪ್ರಕೃತಿ ಪರೀಕ್ಷಾ ಅಭಿಯಾನದ ಬಗ್ಗೆ ಹೆಚ್ಚಿನ ಮಾಹಿತಿಗೆ ಡಾ.ರೋಹಿತ್ ಹೆಚ್.ಈ. (ಮೊ: +919964167910) ರವರನ್ನು ಸಂಪರ್ಕಿಸಬಹುದಾಗಿದೆ.
ಗಂಗಸಂದ್ರದಲ್ಲಿ ವೀರಶೈವ ಸಮಾಜದ ಸುಸಜ್ಜಿತ ರುದ್ರವನ ಸಿದ್ಧ
ಶವಸಂಸ್ಕಾರದ ಉಚಿತ ಸೇವೆ ಮುಂದುವರೆಸಲು ಸಮಾಜ ತೀರ್ಮಾನ
ತುಮಕೂರು: ನಗರದ ಗಂಗಸಂದ್ರದಲ್ಲಿ 6 ಎಕರೆ ಜಾಗದಲ್ಲಿ ನೂತನವಾಗಿ ಸುಸಜ್ಜಿತವಾಗಿ ರುದ್ರವನವನ್ನು ವೀರಶೈವ ಸಮಾಜದಿಂದ ನಿರ್ಮಾಣ ಮಾಡಿದ್ದು, ಅಲ್ಲಿ ಸಿದ್ದೇಶ್ವರ ದೇವಾಲಯ ಸ್ಥಾಪನೆ ಮಾಡಿ, ಎಂಟು ದಿಕ್ಕುಗಳಲ್ಲಿ ಲಿಂಗಮುದ್ರೆ ಕಲ್ಲುಗಳನ್ನು ನೆಟ್ಟು ಲೋಕಾರ್ಪಣೆ ಮಾಡಲಾಗಿದೆ. ಶವಸಂಸ್ಕಾರಕ್ಕಾಗಿ ಸಮಾಜದವರು ಈ ರುದ್ರಭೂಮಿಯನ್ನು ಬಳಸಿಕೊಳ್ಳಬಹುದು ಎಂದು ನಗರ ವೀರಶೈವ ಸಮಾಜ ಸೇವಾ ಸಮಿತಿ ಅಧ್ಯಕ್ಷ ಟಿ.ಬಿ.ಶೇಖರ್ ಹೇಳಿದರು.
ನಗರದ ವೀರಶೈವ ಕಲ್ಯಾಣಮಂಟಪದಲ್ಲಿ ಗುರುವಾರ ನಡೆದ ಸಮಾಜ ಸೇವಾ ಸಮಿತಿಯ ಸರ್ವ ಸದಸ್ಯರ ಸಭೆಯಲ್ಲಿ ಮಾತನಾಡಿದ ಅವರು, ಬಸವರಾಜು ರುದ್ರಭೂಮಿಯು 1960ರಿಂದ ಶವಸಂಸ್ಕಾರ ಮಾಡಿಕೊಂಡು ಬರಲಾಗುತ್ತಿದೆ. ಇಲ್ಲಿ ಜಾಗದ ಕೊರತೆ ಎದುರಾಗಿದೆ. ಹೀಗಾಗಿ ಗಂಗಸಂದ್ರದ ರುದ್ರವನ ನಿರ್ಮಾಣ ಮಾಡಿ ಅಂತ್ಯಸಂಸ್ಕಾರ ಕಾರ್ಯಗಳಿಗೆ ಅಗತ್ಯ ವ್ಯವಸ್ಥೆ ಮಾಡಲಾಗಿದೆ. ಇದುವರೆಗೆ ಸಮಾಜದಿಂದ ಶವಸಂಸ್ಕಾರಕ್ಕೆ ಯಾವುದೇ ಶುಲ್ಕ ಪಡೆಯದೆ ಉಚಿತವಾಗಿ ಮಾಡಲಾಗುತ್ತಿತ್ತು. ಅದರ ವಿವರಗಳನ್ನು ಸಮಾಜ ಬಾಂಧವರು ತಿಳಿಸಿಕೊಡಲು ಮನವಿ ಮಾಡಲಾಗಿತ್ತು ಇದರ ಬಗ್ಗೆ ಸಭೆಯ ಸರ್ವಸದಸ್ಯರ ಒಪ್ಪಿಗೆ ಮೇರೆಗೆ ಉಚಿತ ಸೇವೆ ಮುಂದುವರೆಸುವುದಾಗಿ ತೀರ್ಮಾನಿಸಲಾಯಿತು. ಟಿ.ಬಿ.ಶೇಖರ್, ಶೆಟ್ಟಿ ಇರುವವರು ರುದ್ರಭೂಮಿಯ ಅಭಿವೃದ್ಧಿ ಕಾರ್ಯಗಳ ಬಗ್ಗೆ ವಿವರಿಸಿದರು. ತುಮಕೂರು ನಗರ ವೀರಶೈವ ಸಮಾಜ ಸೇವಾ ಸಮಿತಿಯು ಕಳೆದ ಐದು ದಶಕಗಳಿಂದ ಸಮಾಜದ ಧಾರ್ಮಿಕ, ಸಾಮಾಜಿಕ, ಸಾಂಸ್ಕೃತಿಕ ಕ್ಷೇತ್ರಗಳಲ್ಲಿ ಕೆಲಸ ಮಾಡುತ್ತಾ ಬಂದಿದೆ. ಹಿಂದಿನ ಹಲವು ಮಹನೀಯರ ಸೇವೆ ಸ್ಮರಣೀಯ.
ಪ್ರೇರಣೆಯಾಗಿದ್ದಾರೆ. ಆದೇ ದಾರಿಯಲ್ಲಿ ಸಾಗುತ್ತಿದ್ದೇವೆ ಎಂದು ಹೇಳಿ ತಮ್ಮ ಅವಧಿಯಲ್ಲಿ ಮಾಡಿರುವ ಸೇವಾ ಕಾರ್ಯಗಳನ್ನು ಸಭೆಗೆ ವಿವರಿಸಿದರು. ಸಮಿತಿಯ ಗೌರವ ಕಾರ್ಯದರ್ಶಿ ಆರ್.ಪಿ.ರೇಣುಕಾರಾಧ್ಯ ಮಾತನಾಡಿ, ದಾಸೋಹಕ್ಕೆ ಹೆಸರಾದ ವೀರಶೈವ ಸಮಾಜ ಕೊರೊನಾ ಲಾಕ್‌ಡೌನ್ ಸಂದರ್ಭದಲ್ಲಿ ನಗರದಲ್ಲಿ ದಾಸೋಹ ನಡೆಸಿ ಹಸಿದವರಿಗೆ ಅನ್ನದಾನ ಮಾಡಿದೆ. ಕುಂಬಳಕಾಯಿ ನೀರು, ನಿರ್ಗತಿಕರಿಗೆ ಆಹಾರದ ಕಿಟ್ ವಿತರಣೆ ಮಾಡಲಾಗಿದೆ. ಹೀಗೆ ರಾಜ್ಯಮಟ್ಟದಲ್ಲಿ ಹಲವು ಕಾರ್ಯಕ್ರಮ ನಡೆಸಿದೆ. ಸಮಾಜದ ಅಧ್ಯಕ್ಷ ಟಿ.ಬಿ.ಶೇಖರ್, ಉಪಾಧ್ಯಕ್ಷ ಎಸ್.ಜಿ.ಚಂದ್ರಮೌಳಿ ಹಾಗೂ ನಿರ್ದೇಶಕರು ಸಮಾಜಕ್ಕೆ ಸೇವೆ ಸಲ್ಲಿಸಿ ಕಾರ್ಯಗಳನ್ನು ಯಶಸ್ವಿಯಾಗಿ ನೆರವೇರಿಸಿ ಜಿಲ್ಲಾಮಟ್ಟದ ಹಾಗೂ ಸರ್ಕಾರದ ಪ್ರಶಂಸೆಗೆ ಪಾತ್ರವಾಗಿದ್ದಾರೆ. ಇದಲ್ಲದೆ ಸಮಾಜದಿಂದ ನಿರ್ವಹಿಸುವ ವಿವಿಧ ಧಾರ್ಮಿಕ, ಸೇವಾ ಕಾರ್ಯಗಳು, ಸಮಾಜದ ಅಂಗಸಂಸ್ಥೆಗಳ ವಿವಿಧ ಕಾರ್ಯಚಟುವಟಿಕೆಗಳನ್ನು ವಿವರಿಸಿದರು. 2024-25ನೇ ಸಾಲಿನ ಆಯ-ವ್ಯಯ ಮಂಡನೆ ಮಾಡಿ ಸರ್ವಸದಸ್ಯರ ಅನುಮೋದನೆ ಪಡೆಯಲಾಯಿತು.
ಮಾಜಿ ಸಚಿವ ಸೊಗಡು ಶಿವಣ್ಣ, ಸಮಾಜ ಸಮಿತಿಯ ಮಾಜಿ ಅಧ್ಯಕ್ಷರಾದ ಎಸ್.ಪಿ.ಮಹದೇವಯ್ಯ, ಟಿ.ಕೆ.ಲಿಂಗಾಂಬಿಕಾ ಅವರು ಸರ್ವಸದಸ್ಯರ ಸಭೆ ಉದ್ಘಾಟಿಸಿ ಚರ್ಚೆಯಲ್ಲಿ ಭಾಗವಹಿಸಿದ್ದರು. ವೀರಶೈವ ಸಮಾಜ ಸೇವಾ ಸಮಿತಿಯ ಉಪಾಧ್ಯಕ್ಷ ಎಸ್.ಜಿ.ಚಂದ್ರಮೌಳಿ, ಜಂಟಿ ಕಾರ್ಯದರ್ಶಿ ಟಿ.ಎಸ್.ರುದ್ರಪ್ಪ, ಟಿ.ಬಿ.ವೀರೇಶ್, ಖಜಾಂಚಿ ಎ.ಎಸ್.ಉದಯ್ ಕುಮಾರ್, ಆಡಳಿತ ನಿರ್ದೇಶಕರಾದ ಪಿ.ಆರ್.ಬಸವರಾಜು, ಮೋಹನ್‌ಕುಮಾರ್ ಪಟೇಲ್, ಡಿ.ಆರ್.ಮಲ್ಲಿಕಾರ್ಜುನ, ಕೆ.ಜಿ.ಶಿವಕುಮಾರ್, ಟಿ.ಸಿ.ತಾಂಡವಮೂರ್ತಿ, ಬಿ.ಎಂ.ಪರಮೇಶ್, ಟಿ.ಆರ್.ಸದಾಶಿವಯ್ಯ, ಆರ್.ಶಿವಕುಮಾರ್, ಟಿ.ಎಸ್.ವಿಶ್ವನಾಥ್, ಕೆ.ಎಸ್.ನಾಗರಾಜು, ಕುಮಾರಸ್ವಾಮಿ, ಡಿ.ಬಿ.ನಾಗರಾಜು, ಟಿ.ಆರ್.ಯೋಗೀಶ್, ಸಮಾಜ ಪ್ರಸನ್ನಕುಮಾರ್ ಶಿವಕುಮಾರ್ ಸೇರಿದಂತೆ ಸಮಾಜದ ಮುಖಂಡರು ಕೆಂಪರಾಜು, ಬಿ.ಎಸ್.ಉಮೇಶ್, ಎಂ.ಬಿ.ಉಮಾಮಹೇಶ್ವರ, ಕೆ.ಎಸ್.ವಿಶ್ವನಾಥ್ ಒಳಗೊಂಡಂತೆ ವೀರಶೈವ ಸಮಾಜ ಸೇವಾ ಸಮಿತಿಯ ವಿವಿಧ ಅಂಗ ಸಂಸ್ಥೆಗಳ ಪದಾಧಿಕಾರಿಗಳು, ಸಮಾಜದ ಮುಖಂಡರು ಸಭೆಯಲ್ಲಿ ಭಾಗವಹಿಸಿದ್ದರು.
ಆರೋಗ್ಯ ಶಿಬಿರಗಳು ಗ್ರಾಮೀಣ ಪ್ರದೇಶದ ಜನರಿಗೆ ಸಹಕಾರಿ
LITERA
ಹುಳಿಯಾರು: ಹಿಂದುಳಿದ ಗ್ರಾಮದ ಜನ ಸಾಮಾನ್ಯರಿಗೆ ಉಚಿತ ಆರೋಗ್ಯ ತಪಾಸಣಾ ಶಿಬಿರಗಳನ್ನು ವಿಸ್ತರಿಸುವುದು ಸ್ವಾಗತಾರ್ಹ ಎಂದು ಹುಳಿಯಾರಿನ ಭಾರತೀಯ ಸ್ಟೇಟ್ ಬ್ಯಾಂಕ್ ಆಫ್ ಇಂಡಿಯಾದ ಮ್ಯಾನೇಜರ್ ಅರ್‌ಕೆ ನಾಯಕ್ ಅಭಿಪ್ರಾಯಪಟ್ಟರು ಚಿಕ್ಕನಾಯಕನಹಳ್ಳಿ ಆರ್ಥಿಕ ಸಾಕ್ಷರತಾ ಕೇಂದ್ರದಿಂದ ಹುಳಿಯಾರು ಸಮೀಪದ ಬರಗೂರು ಗ್ರಾಮ ಪಂಚಾಯಿತಿ ವ್ಯಾಪ್ತಿಯಲ್ಲಿ ಬರುವ ಅಂಕಸಂದ್ರ ಗೊಲ್ಲರಹಟ್ಟಿ ಗ್ರಾಮದಲ್ಲಿ ಜನ ಸುರಕ್ಷಾ ಅಭಿಯಾನದ ಅಂಗವಾಗಿ ಬೆಂಗಳೂರಿನ ಭಗವಾನ್ ಮಹಾವೀರ ಜೈನ ಆಸ್ಪತ್ರೆ ಅವರ ಸಹಕಾರದೊಂದಿಗೆ ಇತ್ತೀಚೆಗೆ ಏರ್ಪಡಿಸಿದ್ದ ಉಚಿತ ಆರೋಗ್ಯ ತಪಾಸಣಾ ಶಿಬಿರದಲ್ಲಿ ಅವರು ಮಾತನಾಡಿದರು. ಆರ್ಥಿಕ ಸಾಕ್ಷರತಾ ಸಲಹೆಗಾರ
ಅರ್.ಎಂ.ಕುಮಾರಸ್ವಾಮಿ ಮಾತನಾಡಿ ಚಿಕ್ಕನಾಯಕನಹಳ್ಳಿ ತಾಲೂಕಿನ ಗ್ರಾಮೀಣ ಪ್ರದೇಶಗಳಲ್ಲಿ ಇಂತಹ ಆರೋಗ್ಯ ಶಿಬಿರಗಳನ್ನು ಏರ್ಪಡಿಸಿ ಬಡ ಜನರಿಗೆ ಆರೋಗ್ಯ ಕಲ್ಪಿಸುವುದು ನಮ್ಮ ಉದ್ದೇಶವಾಗಿದೆ ಇದನ್ನು ಸಾರ್ವಜನಿಕರು ಬಳಸಿಕೊಳ್ಳಬೇಕೆಂದು ಕರೆ ನೀಡಿದರು. ಕಾರ್ಯಕ್ರಮದಲ್ಲಿ ಆರ್ಥಿಕ ಸಾಕ್ಷರತಾ ಕುರಿತು ಸಲಹೆಗಾರರಾದ ಕುಸುಮ ಪ್ರಧಾನಮಂತ್ರಿ ಜೀವನ ಜ್ಯೋತಿ ವಿಮಾ ಯೋಜನೆ ಸುರಕ್ಷಾ ವಿಮಾ ಯೋಜನೆಗಳ ಬಗ್ಗೆ ಮಾಹಿತಿ ನೀಡಿದರು. ಜೈನ್ ಆಸ್ಪತ್ರೆಯ ಖ್ಯಾತ ವೈದ್ಯರಾದ ಡಾ.ಇನ್‌ಸ್ಟೆಂಟ್ ನೇತೃತ್ವದ ತಂಡದಲ್ಲಿ ಡಾ.ರೋಹಿತ್ ಹಾಗೂ ಸಿಬ್ಬಂದಿಗಳಾದ ಮಮತಾ, ಆಕಾಂಕ್ಷ, ಚಂದ್ರಮ್ಮ, ಅಂಜಲಿ, ಅಜಯ್, ವಿಮಲ ಲೋಕೇಶ್ ಹಾಗೂ ಊರಿನ ಮುಖಂಡರಾದ ರಾಜಣ್ಣ ಮುನಿಯಪ್ಪ ಸೇರಿದಂತೆ ಮತ್ತಿತರರು ಕಾರ್ಯಕ್ರಮವನ್ನು ಯಶಸ್ವಿಗೊಳಿಸಿದರು.
